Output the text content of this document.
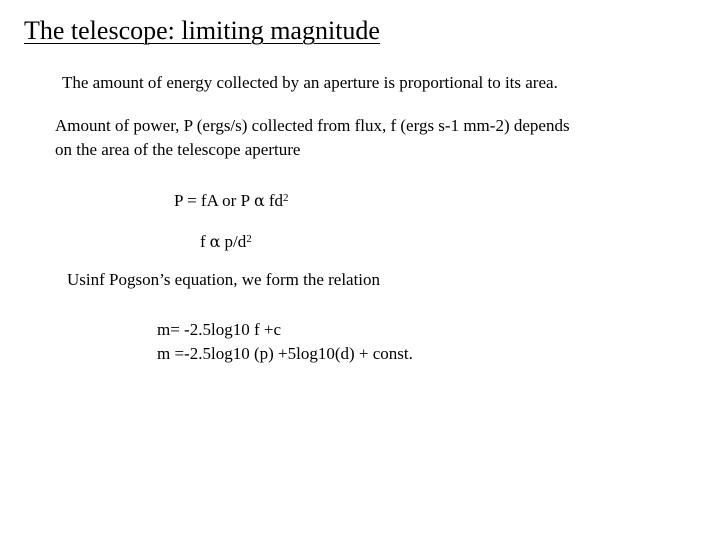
The telescope: limiting magnitude
The amount of energy collected by an aperture is proportional to its area.
Amount of power, P (ergs/s) collected from flux, f (ergs s-1 mm-2) depends
on the area of the telescope aperture
P = fA or P α $fd^2$
f α $p/d^2$
Usinf Pogson’s equation, we form the relation
m= -2.5log10 f +c
m =-2.5log10 (p) +5log10(d) + const.
